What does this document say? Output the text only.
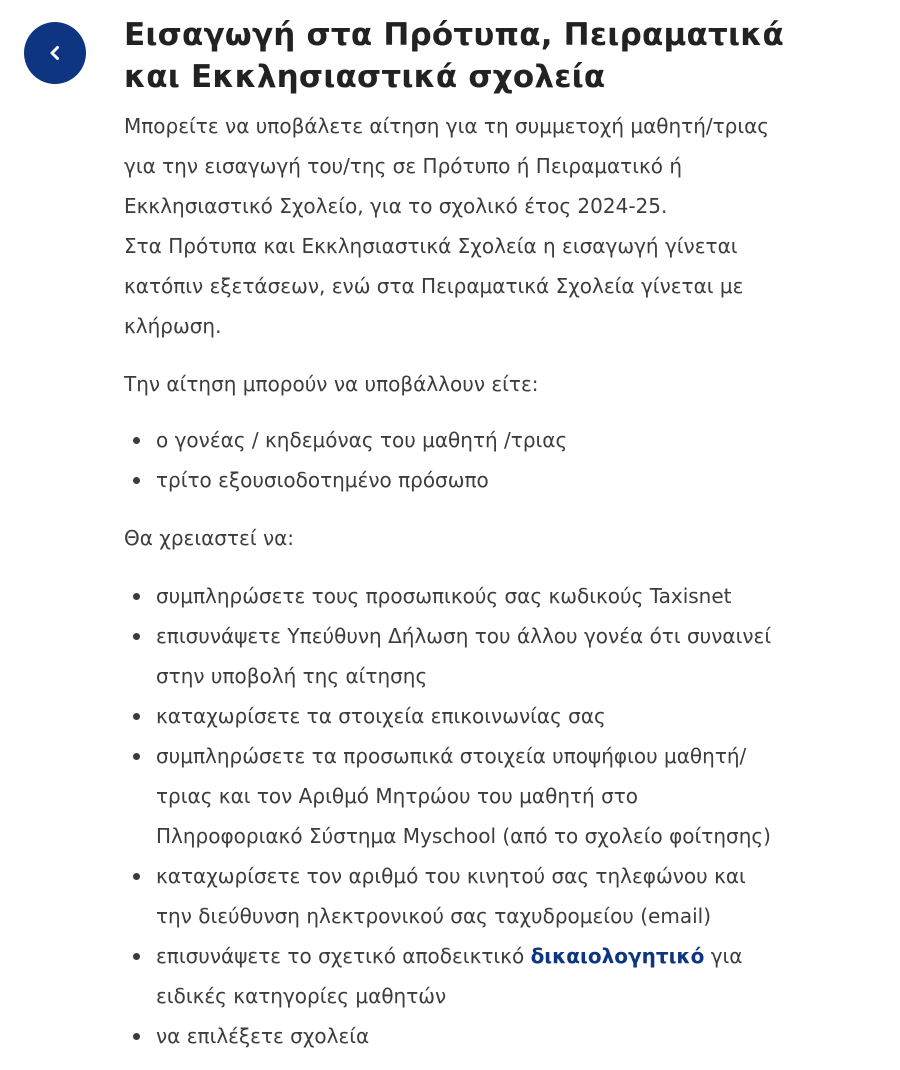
Εισαγωγή στα Πρότυπα, Πειραματικά
και Εκκλησιαστικά σχολεία

Μπορείτε να υποβάλετε αίτηση για τη συμμετοχή μαθητή/τριας
για την εισαγωγή του/της σε Πρότυπο ή Πειραματικό ή
Εκκλησιαστικό Σχολείο, για το σχολικό έτος 2024-25.
Στα Πρότυπα και Εκκλησιαστικά Σχολεία η εισαγωγή γίνεται
κατόπιν εξετάσεων, ενώ στα Πειραματικά Σχολεία γίνεται με
κλήρωση.

Την αίτηση μπορούν να υποβάλλουν είτε:

ο γονέας / κηδεμόνας του μαθητή /τριας
τρίτο εξουσιοδοτημένο πρόσωπο

Θα χρειαστεί να:

συμπληρώσετε τους προσωπικούς σας κωδικούς Taxisnet
επισυνάψετε Υπεύθυνη Δήλωση του άλλου γονέα ότι συναινεί
στην υποβολή της αίτησης
καταχωρίσετε τα στοιχεία επικοινωνίας σας
συμπληρώσετε τα προσωπικά στοιχεία υποψήφιου μαθητή/
τριας και τον Αριθμό Μητρώου του μαθητή στο
Πληροφοριακό Σύστημα Myschool (από το σχολείο φοίτησης)
καταχωρίσετε τον αριθμό του κινητού σας τηλεφώνου και
την διεύθυνση ηλεκτρονικού σας ταχυδρομείου (email)
επισυνάψετε το σχετικό αποδεικτικό δικαιολογητικό για
ειδικές κατηγορίες μαθητών
να επιλέξετε σχολεία
